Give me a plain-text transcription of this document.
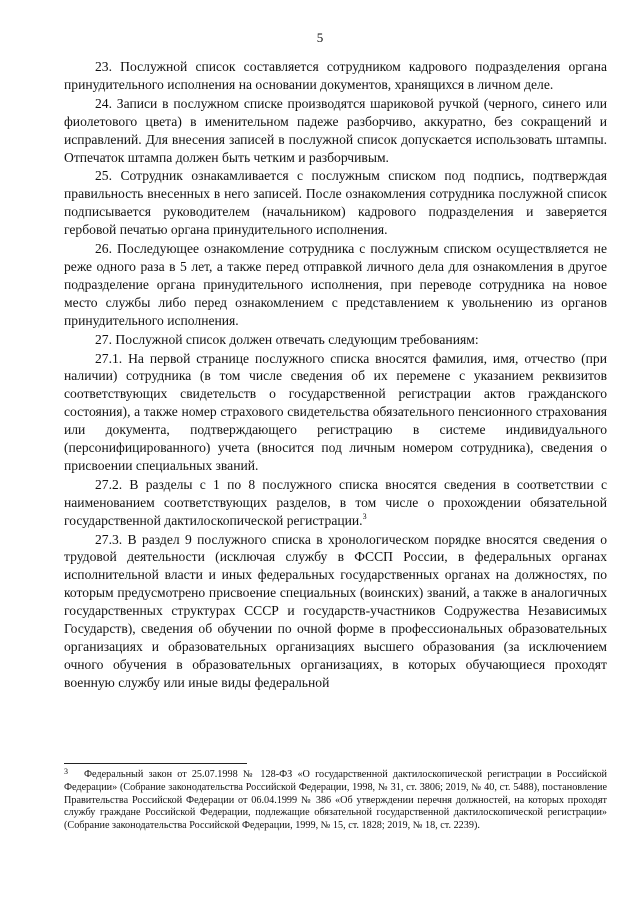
5

23. Послужной список составляется сотрудником кадрового подразделения органа принудительного исполнения на основании документов, хранящихся в личном деле.

24. Записи в послужном списке производятся шариковой ручкой (черного, синего или фиолетового цвета) в именительном падеже разборчиво, аккуратно, без сокращений и исправлений. Для внесения записей в послужной список допускается использовать штампы. Отпечаток штампа должен быть четким и разборчивым.

25. Сотрудник ознакамливается с послужным списком под подпись, подтверждая правильность внесенных в него записей. После ознакомления сотрудника послужной список подписывается руководителем (начальником) кадрового подразделения и заверяется гербовой печатью органа принудительного исполнения.

26. Последующее ознакомление сотрудника с послужным списком осуществляется не реже одного раза в 5 лет, а также перед отправкой личного дела для ознакомления в другое подразделение органа принудительного исполнения, при переводе сотрудника на новое место службы либо перед ознакомлением с представлением к увольнению из органов принудительного исполнения.

27. Послужной список должен отвечать следующим требованиям:

27.1. На первой странице послужного списка вносятся фамилия, имя, отчество (при наличии) сотрудника (в том числе сведения об их перемене с указанием реквизитов соответствующих свидетельств о государственной регистрации актов гражданского состояния), а также номер страхового свидетельства обязательного пенсионного страхования или документа, подтверждающего регистрацию в системе индивидуального (персонифицированного) учета (вносится под личным номером сотрудника), сведения о присвоении специальных званий.

27.2. В разделы с 1 по 8 послужного списка вносятся сведения в соответствии с наименованием соответствующих разделов, в том числе о прохождении обязательной государственной дактилоскопической регистрации.$^3$

27.3. В раздел 9 послужного списка в хронологическом порядке вносятся сведения о трудовой деятельности (исключая службу в ФССП России, в федеральных органах исполнительной власти и иных федеральных государственных органах на должностях, по которым предусмотрено присвоение специальных (воинских) званий, а также в аналогичных государственных структурах СССР и государств-участников Содружества Независимых Государств), сведения об обучении по очной форме в профессиональных образовательных организациях и образовательных организациях высшего образования (за исключением очного обучения в образовательных организациях, в которых обучающиеся проходят военную службу или иные виды федеральной

3 Федеральный закон от 25.07.1998 № 128-ФЗ «О государственной дактилоскопической регистрации в Российской Федерации» (Собрание законодательства Российской Федерации, 1998, № 31, ст. 3806; 2019, № 40, ст. 5488), постановление Правительства Российской Федерации от 06.04.1999 № 386 «Об утверждении перечня должностей, на которых проходят службу граждане Российской Федерации, подлежащие обязательной государственной дактилоскопической регистрации» (Собрание законодательства Российской Федерации, 1999, № 15, ст. 1828; 2019, № 18, ст. 2239).
